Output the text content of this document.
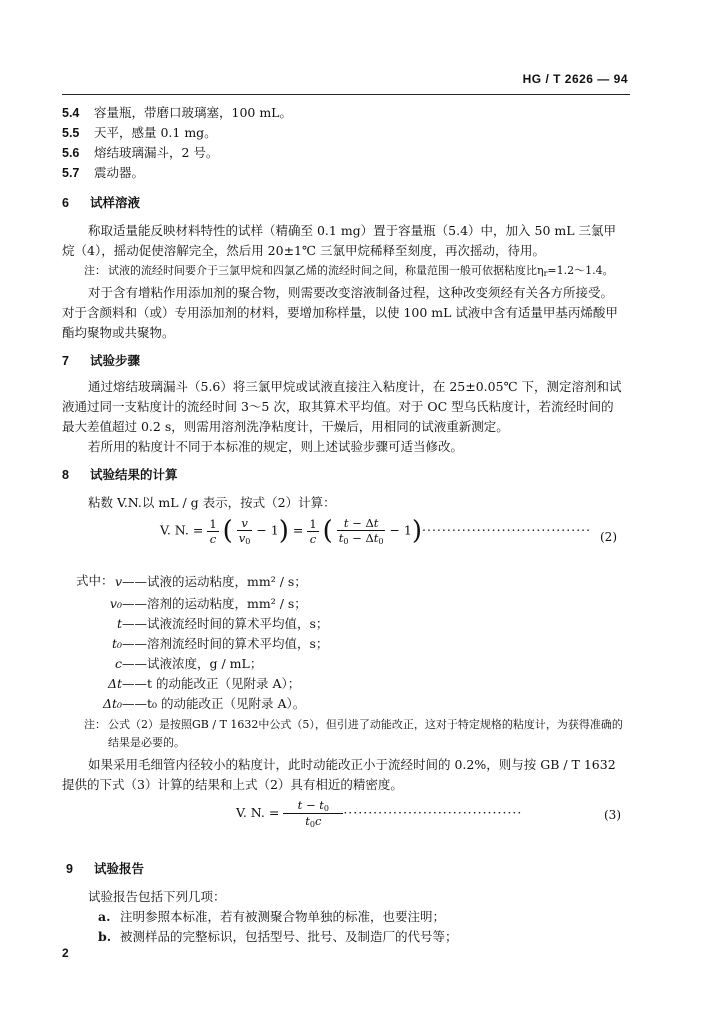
HG / T 2626 — 94
5.4 容量瓶，带磨口玻璃塞，100 mL。
5.5 天平，感量 0.1 mg。
5.6 熔结玻璃漏斗，2 号。
5.7 震动器。
6 试样溶液
称取适量能反映材料特性的试样（精确至 0.1 mg）置于容量瓶（5.4）中，加入 50 mL 三氯甲
烷（4），摇动促使溶解完全，然后用 20±1℃ 三氯甲烷稀释至刻度，再次摇动，待用。
注： 试液的流经时间要介于三氯甲烷和四氯乙烯的流经时间之间，称量范围一般可依据粘度比$\eta_r=1.2\sim 1.4$。
对于含有增粘作用添加剂的聚合物，则需要改变溶液制备过程，这种改变须经有关各方所接受。
对于含颜料和（或）专用添加剂的材料，要增加称样量，以使 100 mL 试液中含有适量甲基丙烯酸甲
酯均聚物或共聚物。
7 试验步骤
通过熔结玻璃漏斗（5.6）将三氯甲烷或试液直接注入粘度计，在 25±0.05℃ 下，测定溶剂和试
液通过同一支粘度计的流经时间 3～5 次，取其算术平均值。对于 OC 型乌氏粘度计，若流经时间的
最大差值超过 0.2 s，则需用溶剂洗净粘度计，干燥后，用相同的试液重新测定。
若所用的粘度计不同于本标准的规定，则上述试验步骤可适当修改。
8 试验结果的计算
粘数 V.N.以 mL / g 表示，按式（2）计算：
V. N. = $\frac{1}{c}$ ( $\frac{v}{v_0} - 1) = \frac{1}{c}$ ( $\frac{t - \Delta t}{t_0 - \Delta t_0} - 1)\cdot\cdot\cdot\cdot\cdot\cdot\cdot\cdot\cdot\cdot\cdot\cdot\cdot\cdot\cdot\cdot\cdot\cdot\cdot\cdot\cdot\cdot\cdot\cdot\cdot\cdot\cdot\cdot\cdot\cdot\cdot\cdot\cdot\cdot (2)$
式中： v——试液的运动粘度，mm² / s；
v₀——溶剂的运动粘度，mm² / s；
t——试液流经时间的算术平均值，s；
t₀——溶剂流经时间的算术平均值，s；
c——试液浓度，g / mL；
Δt——t 的动能改正（见附录 A）；
Δt₀——t₀ 的动能改正（见附录 A）。
注： 公式（2）是按照GB / T 1632中公式（5），但引进了动能改正，这对于特定规格的粘度计，为获得准确的
结果是必要的。
如果采用毛细管内径较小的粘度计，此时动能改正小于流经时间的 0.2%，则与按 GB / T 1632
提供的下式（3）计算的结果和上式（2）具有相近的精密度。
V. N. = $\frac{t - t_0}{t_0c}$ ····································	(3)
9 试验报告
试验报告包括下列几项：
a. 注明参照本标准，若有被测聚合物单独的标准，也要注明；
b. 被测样品的完整标识，包括型号、批号、及制造厂的代号等；
2
